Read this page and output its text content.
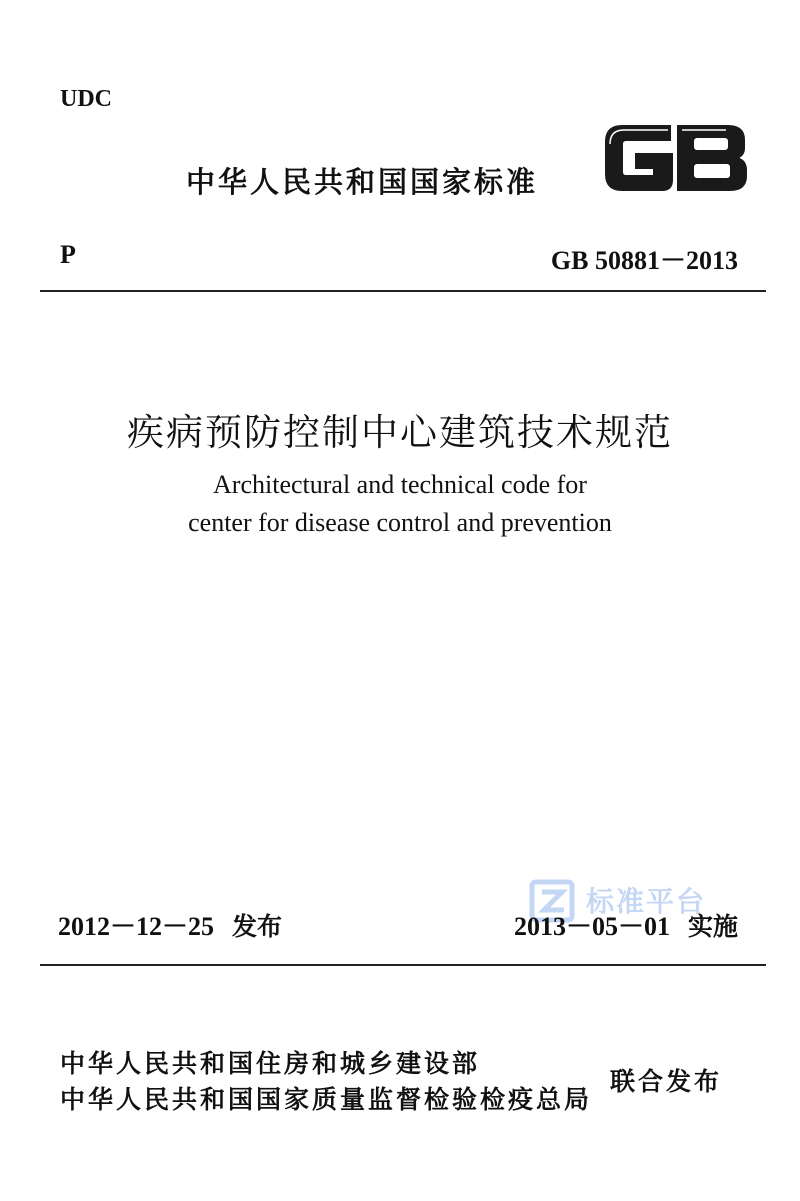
UDC
中华人民共和国国家标准
P	GB 50881－2013
疾病预防控制中心建筑技术规范
Architectural and technical code for
center for disease control and prevention
标准平台
2012－12－25 发布	2013－05－01 实施
中华人民共和国住房和城乡建设部
中华人民共和国国家质量监督检验检疫总局
联合发布
